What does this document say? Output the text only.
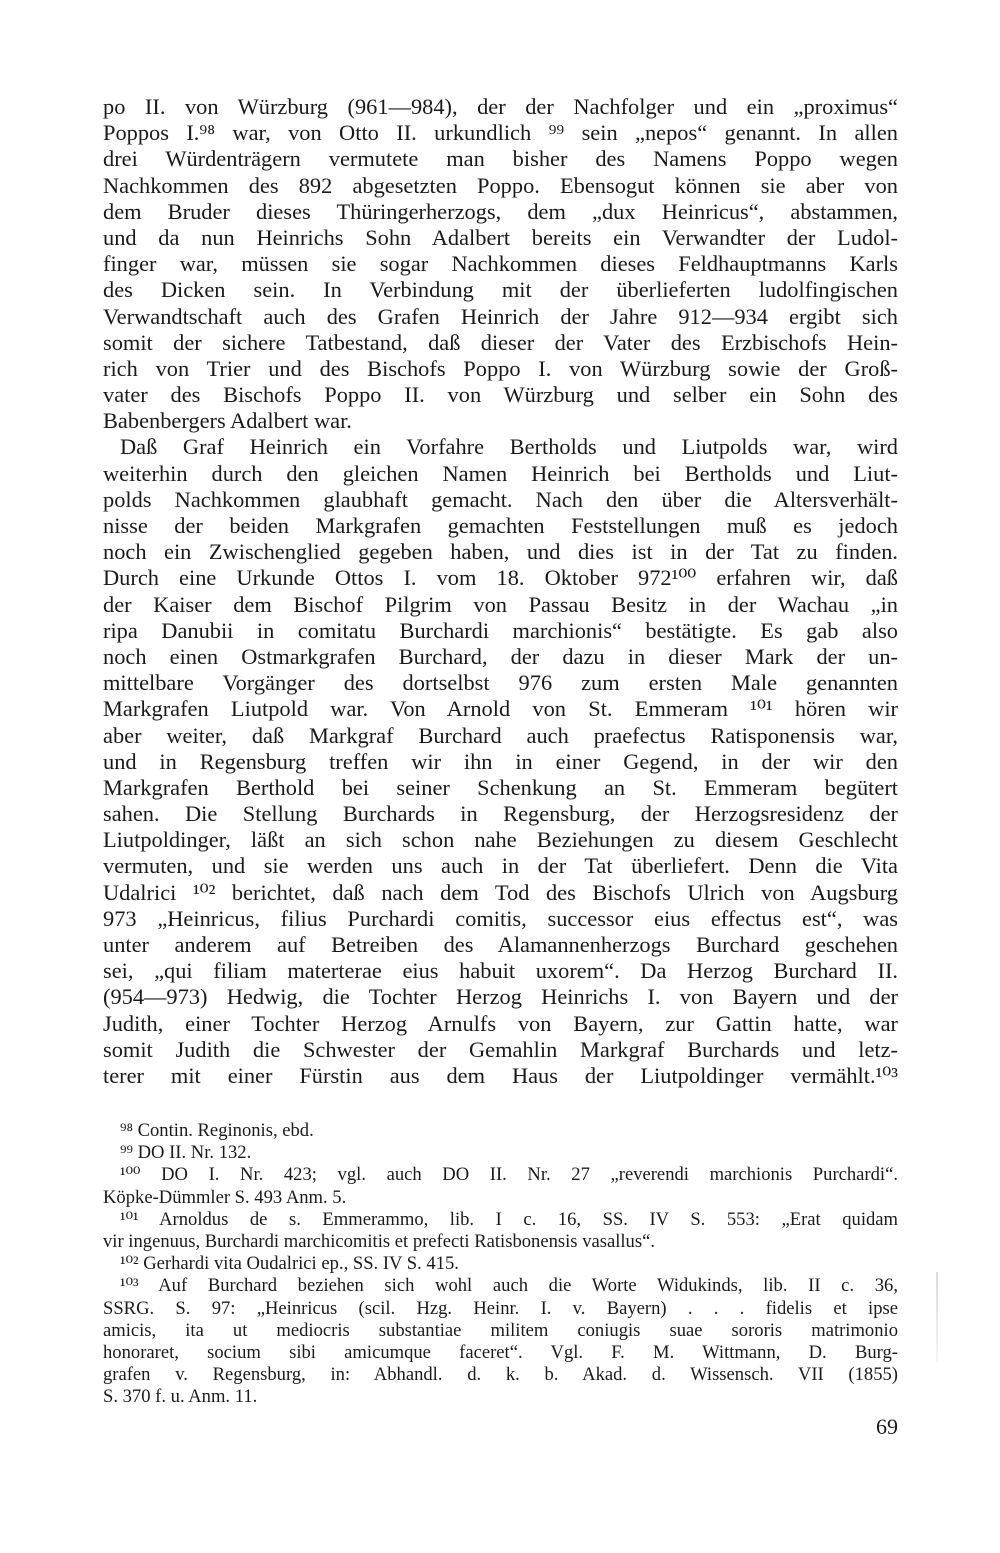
po II. von Würzburg (961—984), der der Nachfolger und ein „proximus“
Poppos I.⁹⁸ war, von Otto II. urkundlich ⁹⁹ sein „nepos“ genannt. In allen
drei Würdenträgern vermutete man bisher des Namens Poppo wegen
Nachkommen des 892 abgesetzten Poppo. Ebensogut können sie aber von
dem Bruder dieses Thüringerherzogs, dem „dux Heinricus“, abstammen,
und da nun Heinrichs Sohn Adalbert bereits ein Verwandter der Ludol-
finger war, müssen sie sogar Nachkommen dieses Feldhauptmanns Karls
des Dicken sein. In Verbindung mit der überlieferten ludolfingischen
Verwandtschaft auch des Grafen Heinrich der Jahre 912—934 ergibt sich
somit der sichere Tatbestand, daß dieser der Vater des Erzbischofs Hein-
rich von Trier und des Bischofs Poppo I. von Würzburg sowie der Groß-
vater des Bischofs Poppo II. von Würzburg und selber ein Sohn des
Babenbergers Adalbert war.
Daß Graf Heinrich ein Vorfahre Bertholds und Liutpolds war, wird
weiterhin durch den gleichen Namen Heinrich bei Bertholds und Liut-
polds Nachkommen glaubhaft gemacht. Nach den über die Altersverhält-
nisse der beiden Markgrafen gemachten Feststellungen muß es jedoch
noch ein Zwischenglied gegeben haben, und dies ist in der Tat zu finden.
Durch eine Urkunde Ottos I. vom 18. Oktober 972¹⁰⁰ erfahren wir, daß
der Kaiser dem Bischof Pilgrim von Passau Besitz in der Wachau „in
ripa Danubii in comitatu Burchardi marchionis“ bestätigte. Es gab also
noch einen Ostmarkgrafen Burchard, der dazu in dieser Mark der un-
mittelbare Vorgänger des dortselbst 976 zum ersten Male genannten
Markgrafen Liutpold war. Von Arnold von St. Emmeram ¹⁰¹ hören wir
aber weiter, daß Markgraf Burchard auch praefectus Ratisponensis war,
und in Regensburg treffen wir ihn in einer Gegend, in der wir den
Markgrafen Berthold bei seiner Schenkung an St. Emmeram begütert
sahen. Die Stellung Burchards in Regensburg, der Herzogsresidenz der
Liutpoldinger, läßt an sich schon nahe Beziehungen zu diesem Geschlecht
vermuten, und sie werden uns auch in der Tat überliefert. Denn die Vita
Udalrici ¹⁰² berichtet, daß nach dem Tod des Bischofs Ulrich von Augsburg
973 „Heinricus, filius Purchardi comitis, successor eius effectus est“, was
unter anderem auf Betreiben des Alamannenherzogs Burchard geschehen
sei, „qui filiam materterae eius habuit uxorem“. Da Herzog Burchard II.
(954—973) Hedwig, die Tochter Herzog Heinrichs I. von Bayern und der
Judith, einer Tochter Herzog Arnulfs von Bayern, zur Gattin hatte, war
somit Judith die Schwester der Gemahlin Markgraf Burchards und letz-
terer mit einer Fürstin aus dem Haus der Liutpoldinger vermählt.¹⁰³
⁹⁸ Contin. Reginonis, ebd.
⁹⁹ DO II. Nr. 132.
¹⁰⁰ DO I. Nr. 423; vgl. auch DO II. Nr. 27 „reverendi marchionis Purchardi“.
Köpke-Dümmler S. 493 Anm. 5.
¹⁰¹ Arnoldus de s. Emmerammo, lib. I c. 16, SS. IV S. 553: „Erat quidam
vir ingenuus, Burchardi marchicomitis et prefecti Ratisbonensis vasallus“.
¹⁰² Gerhardi vita Oudalrici ep., SS. IV S. 415.
¹⁰³ Auf Burchard beziehen sich wohl auch die Worte Widukinds, lib. II c. 36,
SSRG. S. 97: „Heinricus (scil. Hzg. Heinr. I. v. Bayern) . . . fidelis et ipse
amicis, ita ut mediocris substantiae militem coniugis suae sororis matrimonio
honoraret, socium sibi amicumque faceret“. Vgl. F. M. Wittmann, D. Burg-
grafen v. Regensburg, in: Abhandl. d. k. b. Akad. d. Wissensch. VII (1855)
S. 370 f. u. Anm. 11.
69
